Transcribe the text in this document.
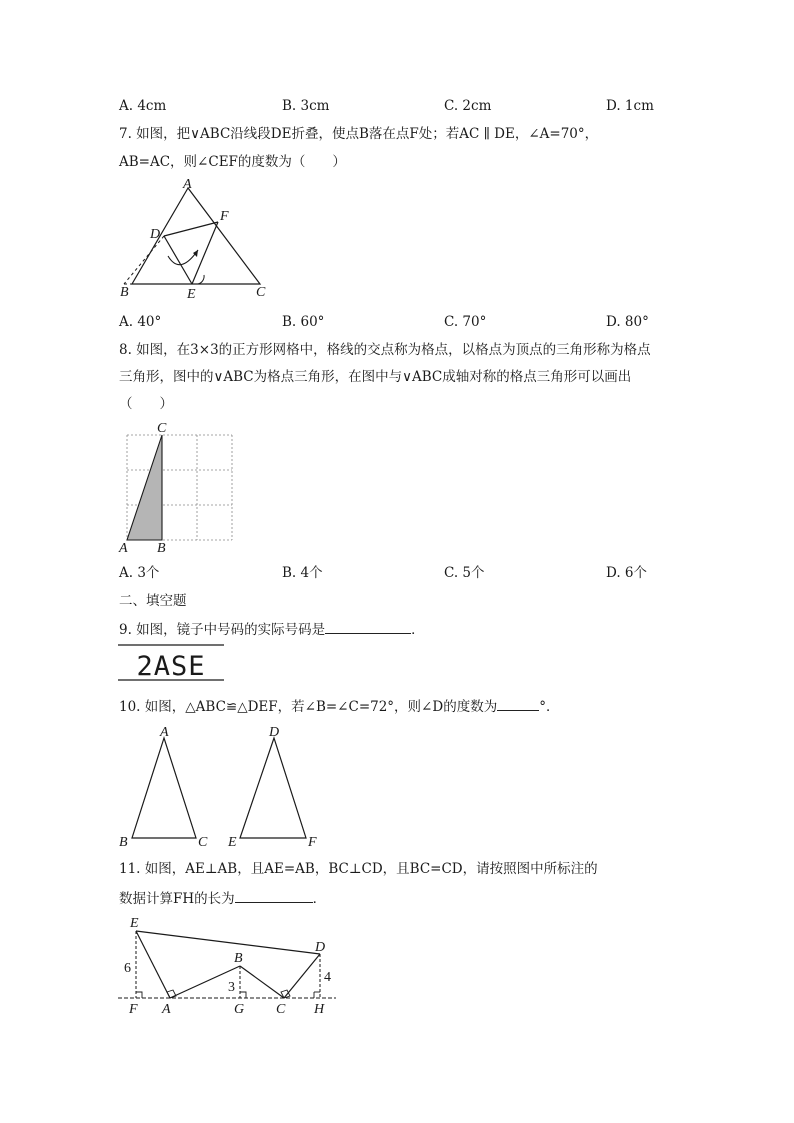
A. 4cm	B. 3cm	C. 2cm	D. 1cm
7. 如图，把∨ABC沿线段DE折叠，使点B落在点F处；若AC ∥ DE，∠A=70°，
AB=AC，则∠CEF的度数为（　　）
A
D
F
B	E	C
A. 40°	B. 60°	C. 70°	D. 80°
8. 如图，在3×3的正方形网格中，格线的交点称为格点，以格点为顶点的三角形称为格点
三角形，图中的∨ABC为格点三角形，在图中与∨ABC成轴对称的格点三角形可以画出
（　　）
C
A B
A. 3个	B. 4个	C. 5个	D. 6个
二、填空题
9. 如图，镜子中号码的实际号码是	．
2ASE
10. 如图，△ABC≌△DEF，若∠B=∠C=72°，则∠D的度数为	°．
A
B	C
D
E	F
11. 如图，AE⊥AB，且AE=AB，BC⊥CD，且BC=CD，请按照图中所标注的
数据计算FH的长为	．
E
D
B
6
3
4
F A	G C H
